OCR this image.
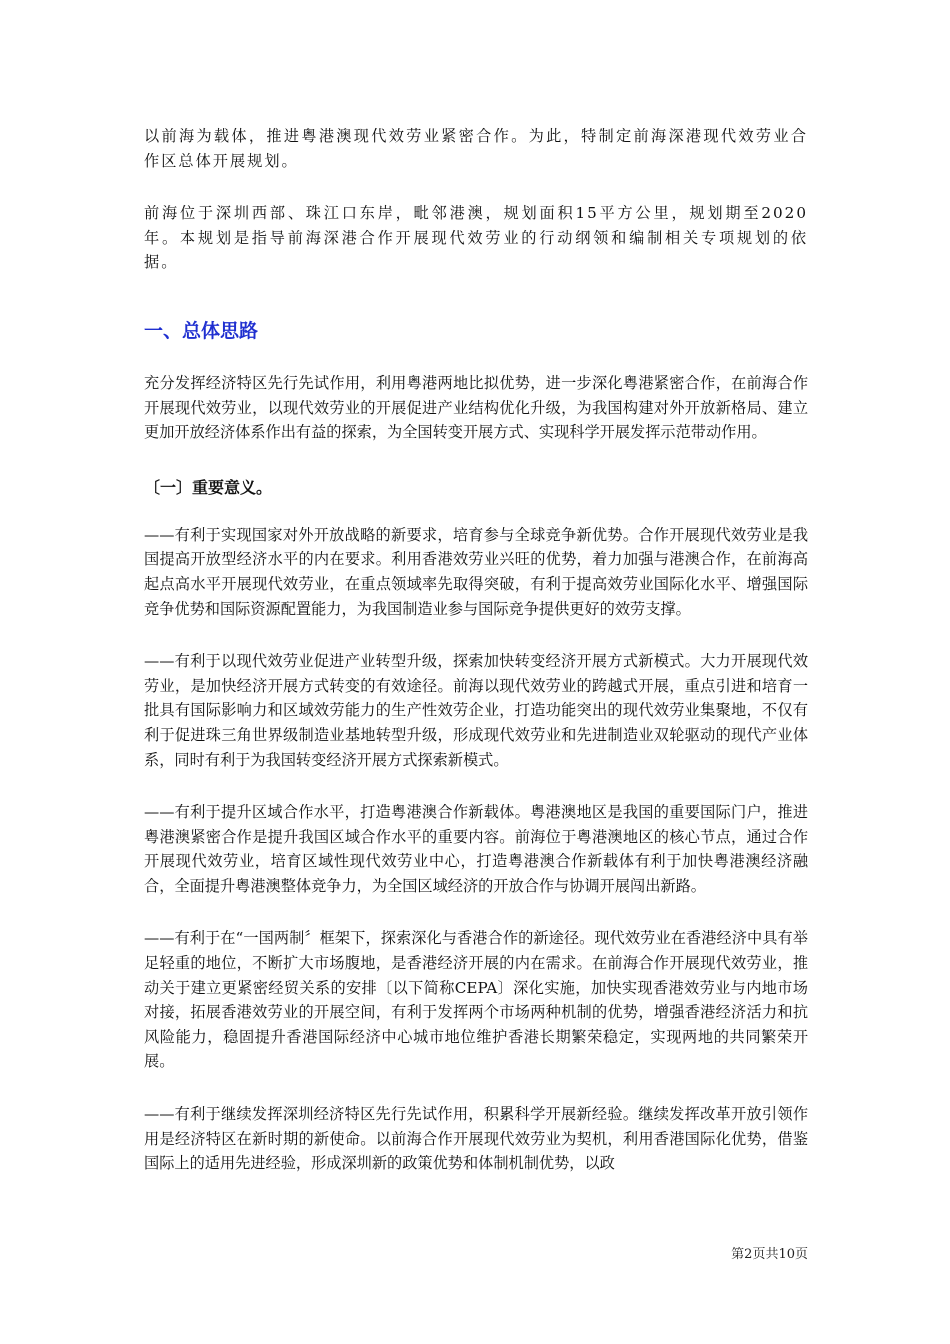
以前海为载体，推进粤港澳现代效劳业紧密合作。为此，特制定前海深港现代效劳业合作区总体开展规划。

前海位于深圳西部、珠江口东岸，毗邻港澳，规划面积15平方公里，规划期至2020年。本规划是指导前海深港合作开展现代效劳业的行动纲领和编制相关专项规划的依据。

一、总体思路

充分发挥经济特区先行先试作用，利用粤港两地比拟优势，进一步深化粤港紧密合作，在前海合作开展现代效劳业，以现代效劳业的开展促进产业结构优化升级，为我国构建对外开放新格局、建立更加开放经济体系作出有益的探索，为全国转变开展方式、实现科学开展发挥示范带动作用。

〔一〕重要意义。

——有利于实现国家对外开放战略的新要求，培育参与全球竞争新优势。合作开展现代效劳业是我国提高开放型经济水平的内在要求。利用香港效劳业兴旺的优势，着力加强与港澳合作，在前海高起点高水平开展现代效劳业，在重点领域率先取得突破，有利于提高效劳业国际化水平、增强国际竞争优势和国际资源配置能力，为我国制造业参与国际竞争提供更好的效劳支撑。

——有利于以现代效劳业促进产业转型升级，探索加快转变经济开展方式新模式。大力开展现代效劳业，是加快经济开展方式转变的有效途径。前海以现代效劳业的跨越式开展，重点引进和培育一批具有国际影响力和区域效劳能力的生产性效劳企业，打造功能突出的现代效劳业集聚地，不仅有利于促进珠三角世界级制造业基地转型升级，形成现代效劳业和先进制造业双轮驱动的现代产业体系，同时有利于为我国转变经济开展方式探索新模式。

——有利于提升区域合作水平，打造粤港澳合作新载体。粤港澳地区是我国的重要国际门户，推进粤港澳紧密合作是提升我国区域合作水平的重要内容。前海位于粤港澳地区的核心节点，通过合作开展现代效劳业，培育区域性现代效劳业中心，打造粤港澳合作新载体有利于加快粤港澳经济融合，全面提升粤港澳整体竞争力，为全国区域经济的开放合作与协调开展闯出新路。

——有利于在“一国两制〞框架下，探索深化与香港合作的新途径。现代效劳业在香港经济中具有举足轻重的地位，不断扩大市场腹地，是香港经济开展的内在需求。在前海合作开展现代效劳业，推动关于建立更紧密经贸关系的安排〔以下简称CEPA〕深化实施，加快实现香港效劳业与内地市场对接，拓展香港效劳业的开展空间，有利于发挥两个市场两种机制的优势，增强香港经济活力和抗风险能力，稳固提升香港国际经济中心城市地位维护香港长期繁荣稳定，实现两地的共同繁荣开展。

——有利于继续发挥深圳经济特区先行先试作用，积累科学开展新经验。继续发挥改革开放引领作用是经济特区在新时期的新使命。以前海合作开展现代效劳业为契机，利用香港国际化优势，借鉴国际上的适用先进经验，形成深圳新的政策优势和体制机制优势，以政

第2页共10页
